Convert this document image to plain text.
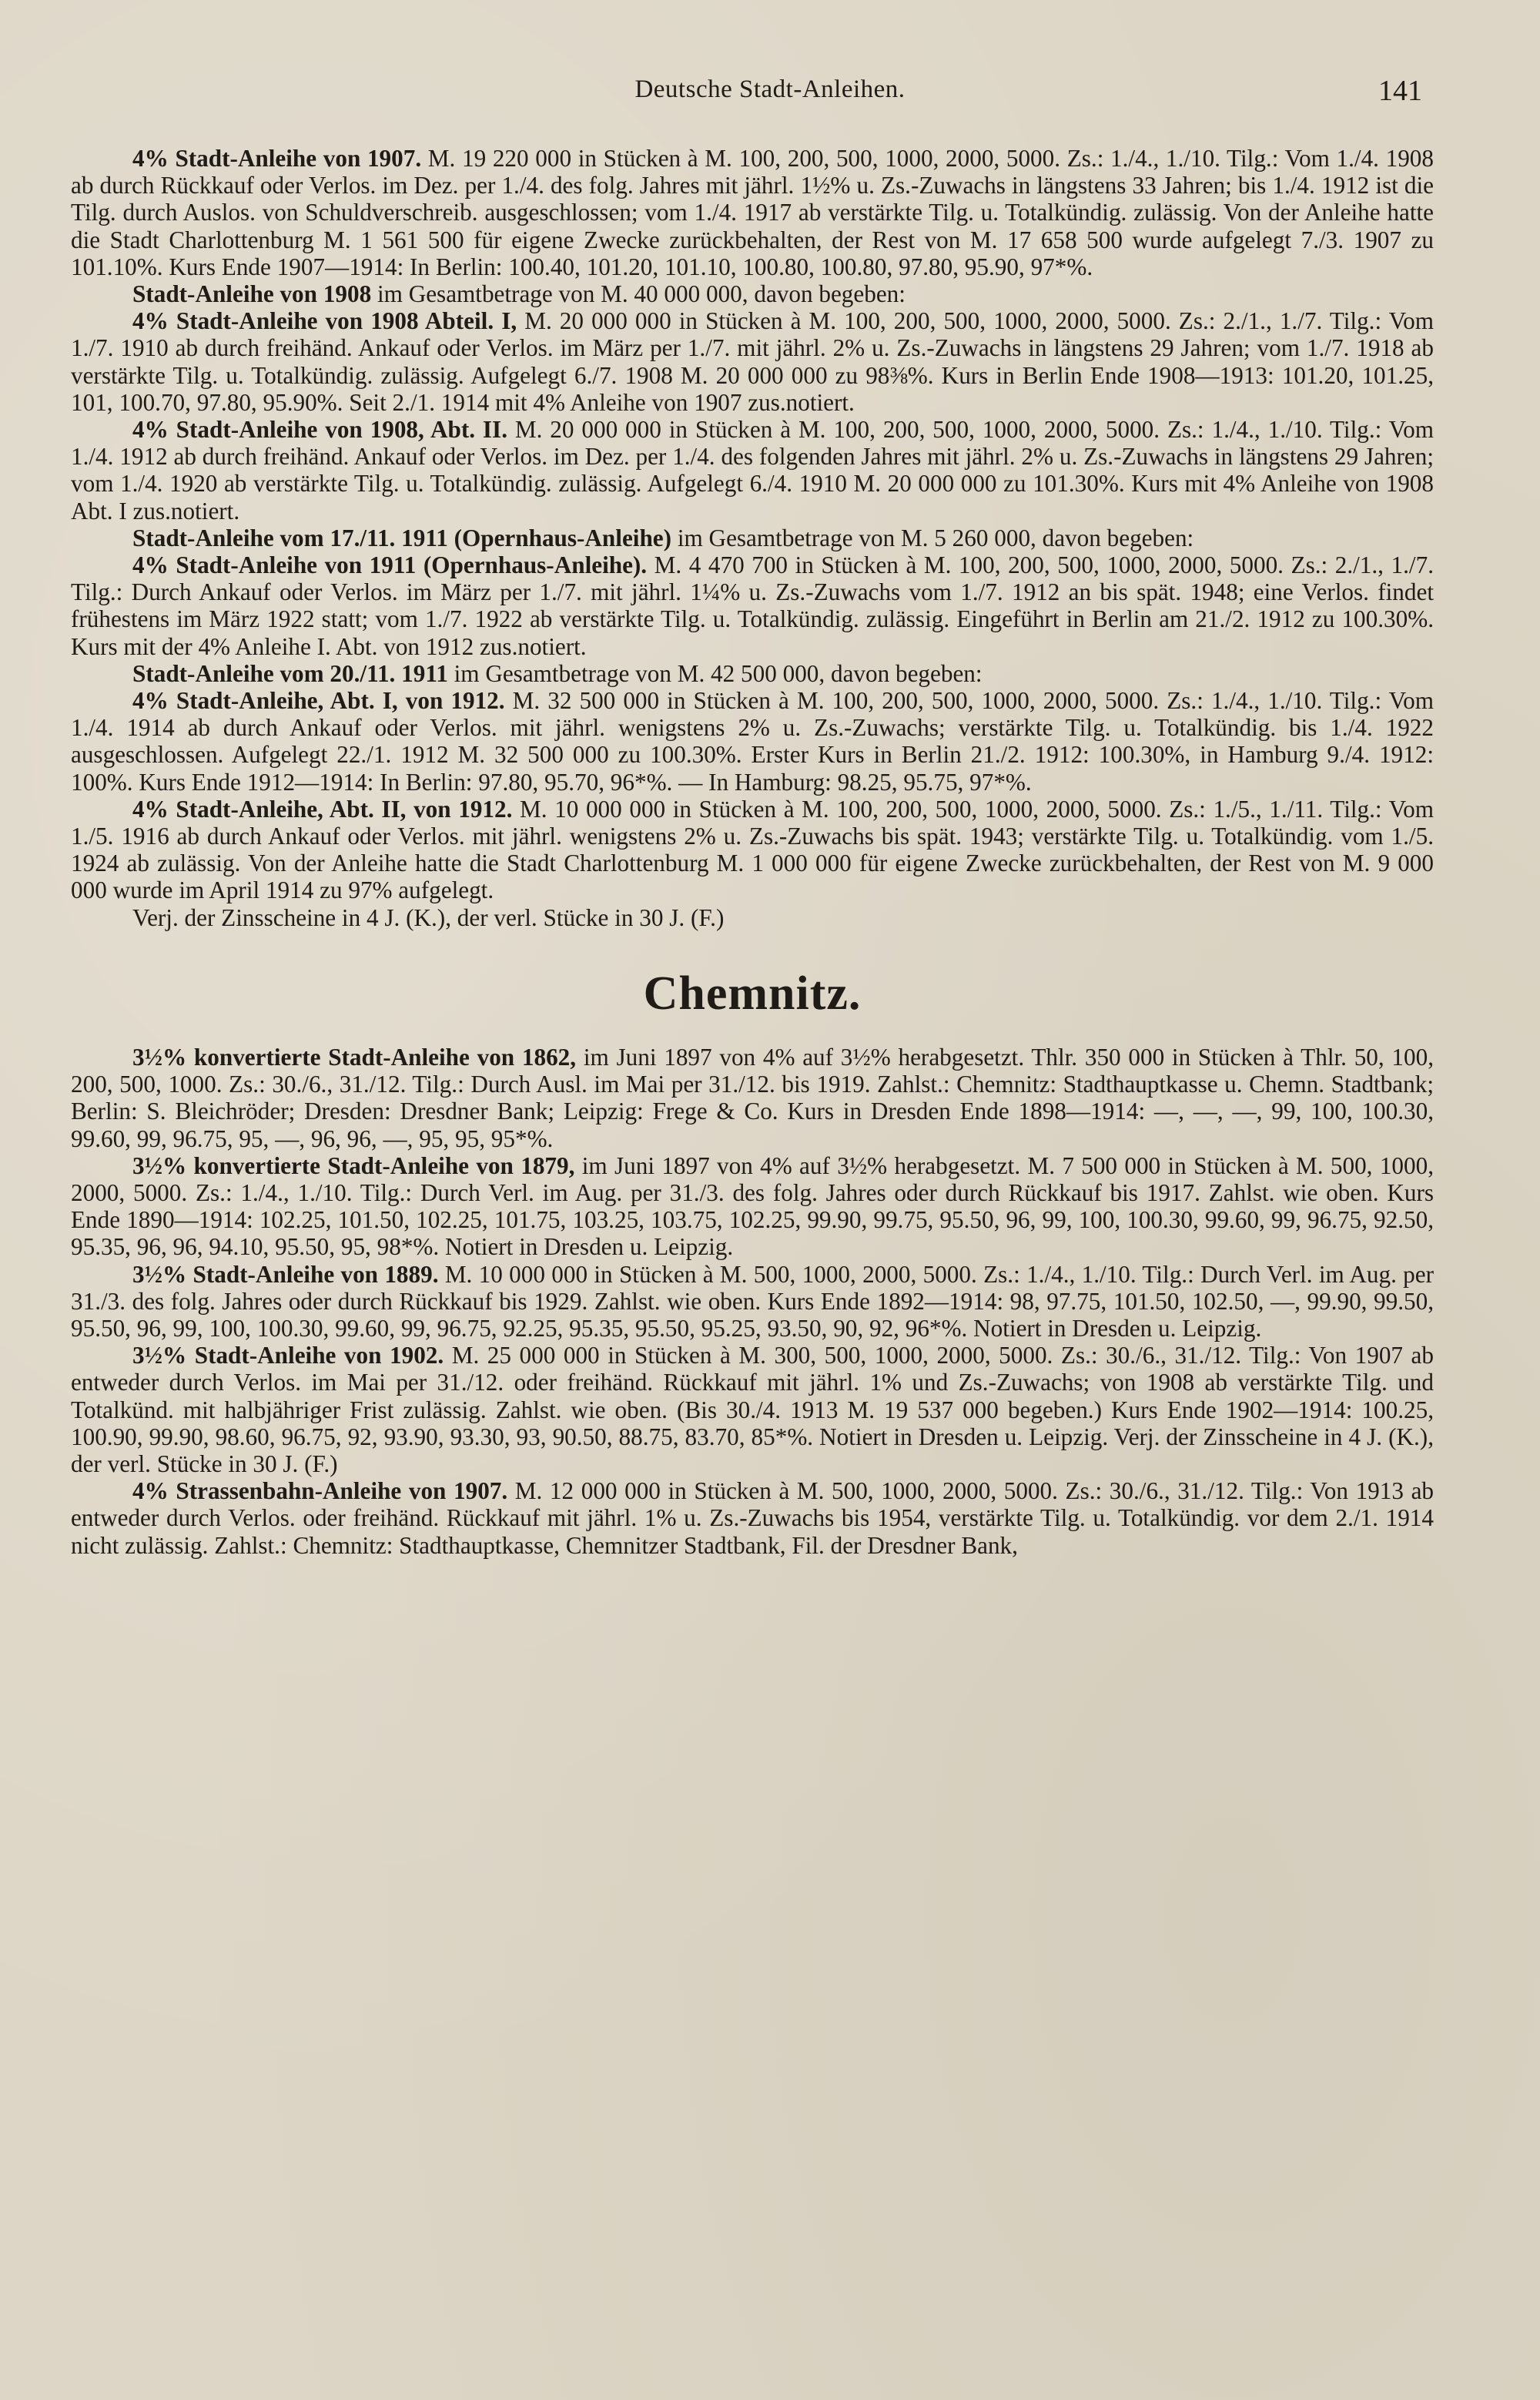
Deutsche Stadt-Anleihen.	141

4% Stadt-Anleihe von 1907. M. 19 220 000 in Stücken à M. 100, 200, 500, 1000, 2000, 5000. Zs.: 1./4., 1./10. Tilg.: Vom 1./4. 1908 ab durch Rückkauf oder Verlos. im Dez. per 1./4. des folg. Jahres mit jährl. 1½% u. Zs.-Zuwachs in längstens 33 Jahren; bis 1./4. 1912 ist die Tilg. durch Auslos. von Schuldverschreib. ausgeschlossen; vom 1./4. 1917 ab verstärkte Tilg. u. Totalkündig. zulässig. Von der Anleihe hatte die Stadt Charlottenburg M. 1 561 500 für eigene Zwecke zurückbehalten, der Rest von M. 17 658 500 wurde aufgelegt 7./3. 1907 zu 101.10%. Kurs Ende 1907—1914: In Berlin: 100.40, 101.20, 101.10, 100.80, 100.80, 97.80, 95.90, 97*%.

Stadt-Anleihe von 1908 im Gesamtbetrage von M. 40 000 000, davon begeben:

4% Stadt-Anleihe von 1908 Abteil. I, M. 20 000 000 in Stücken à M. 100, 200, 500, 1000, 2000, 5000. Zs.: 2./1., 1./7. Tilg.: Vom 1./7. 1910 ab durch freihänd. Ankauf oder Verlos. im März per 1./7. mit jährl. 2% u. Zs.-Zuwachs in längstens 29 Jahren; vom 1./7. 1918 ab verstärkte Tilg. u. Totalkündig. zulässig. Aufgelegt 6./7. 1908 M. 20 000 000 zu 98⅜%. Kurs in Berlin Ende 1908—1913: 101.20, 101.25, 101, 100.70, 97.80, 95.90%. Seit 2./1. 1914 mit 4% Anleihe von 1907 zus.notiert.

4% Stadt-Anleihe von 1908, Abt. II. M. 20 000 000 in Stücken à M. 100, 200, 500, 1000, 2000, 5000. Zs.: 1./4., 1./10. Tilg.: Vom 1./4. 1912 ab durch freihänd. Ankauf oder Verlos. im Dez. per 1./4. des folgenden Jahres mit jährl. 2% u. Zs.-Zuwachs in längstens 29 Jahren; vom 1./4. 1920 ab verstärkte Tilg. u. Totalkündig. zulässig. Aufgelegt 6./4. 1910 M. 20 000 000 zu 101.30%. Kurs mit 4% Anleihe von 1908 Abt. I zus.notiert.

Stadt-Anleihe vom 17./11. 1911 (Opernhaus-Anleihe) im Gesamtbetrage von M. 5 260 000, davon begeben:

4% Stadt-Anleihe von 1911 (Opernhaus-Anleihe). M. 4 470 700 in Stücken à M. 100, 200, 500, 1000, 2000, 5000. Zs.: 2./1., 1./7. Tilg.: Durch Ankauf oder Verlos. im März per 1./7. mit jährl. 1¼% u. Zs.-Zuwachs vom 1./7. 1912 an bis spät. 1948; eine Verlos. findet frühestens im März 1922 statt; vom 1./7. 1922 ab verstärkte Tilg. u. Totalkündig. zulässig. Eingeführt in Berlin am 21./2. 1912 zu 100.30%. Kurs mit der 4% Anleihe I. Abt. von 1912 zus.notiert.

Stadt-Anleihe vom 20./11. 1911 im Gesamtbetrage von M. 42 500 000, davon begeben:

4% Stadt-Anleihe, Abt. I, von 1912. M. 32 500 000 in Stücken à M. 100, 200, 500, 1000, 2000, 5000. Zs.: 1./4., 1./10. Tilg.: Vom 1./4. 1914 ab durch Ankauf oder Verlos. mit jährl. wenigstens 2% u. Zs.-Zuwachs; verstärkte Tilg. u. Totalkündig. bis 1./4. 1922 ausgeschlossen. Aufgelegt 22./1. 1912 M. 32 500 000 zu 100.30%. Erster Kurs in Berlin 21./2. 1912: 100.30%, in Hamburg 9./4. 1912: 100%. Kurs Ende 1912—1914: In Berlin: 97.80, 95.70, 96*%. — In Hamburg: 98.25, 95.75, 97*%.

4% Stadt-Anleihe, Abt. II, von 1912. M. 10 000 000 in Stücken à M. 100, 200, 500, 1000, 2000, 5000. Zs.: 1./5., 1./11. Tilg.: Vom 1./5. 1916 ab durch Ankauf oder Verlos. mit jährl. wenigstens 2% u. Zs.-Zuwachs bis spät. 1943; verstärkte Tilg. u. Totalkündig. vom 1./5. 1924 ab zulässig. Von der Anleihe hatte die Stadt Charlottenburg M. 1 000 000 für eigene Zwecke zurückbehalten, der Rest von M. 9 000 000 wurde im April 1914 zu 97% aufgelegt.

Verj. der Zinsscheine in 4 J. (K.), der verl. Stücke in 30 J. (F.)

Chemnitz.

3½% konvertierte Stadt-Anleihe von 1862, im Juni 1897 von 4% auf 3½% herabgesetzt. Thlr. 350 000 in Stücken à Thlr. 50, 100, 200, 500, 1000. Zs.: 30./6., 31./12. Tilg.: Durch Ausl. im Mai per 31./12. bis 1919. Zahlst.: Chemnitz: Stadthauptkasse u. Chemn. Stadtbank; Berlin: S. Bleichröder; Dresden: Dresdner Bank; Leipzig: Frege & Co. Kurs in Dresden Ende 1898—1914: —, —, —, 99, 100, 100.30, 99.60, 99, 96.75, 95, —, 96, 96, —, 95, 95, 95*%.

3½% konvertierte Stadt-Anleihe von 1879, im Juni 1897 von 4% auf 3½% herabgesetzt. M. 7 500 000 in Stücken à M. 500, 1000, 2000, 5000. Zs.: 1./4., 1./10. Tilg.: Durch Verl. im Aug. per 31./3. des folg. Jahres oder durch Rückkauf bis 1917. Zahlst. wie oben. Kurs Ende 1890—1914: 102.25, 101.50, 102.25, 101.75, 103.25, 103.75, 102.25, 99.90, 99.75, 95.50, 96, 99, 100, 100.30, 99.60, 99, 96.75, 92.50, 95.35, 96, 96, 94.10, 95.50, 95, 98*%. Notiert in Dresden u. Leipzig.

3½% Stadt-Anleihe von 1889. M. 10 000 000 in Stücken à M. 500, 1000, 2000, 5000. Zs.: 1./4., 1./10. Tilg.: Durch Verl. im Aug. per 31./3. des folg. Jahres oder durch Rückkauf bis 1929. Zahlst. wie oben. Kurs Ende 1892—1914: 98, 97.75, 101.50, 102.50, —, 99.90, 99.50, 95.50, 96, 99, 100, 100.30, 99.60, 99, 96.75, 92.25, 95.35, 95.50, 95.25, 93.50, 90, 92, 96*%. Notiert in Dresden u. Leipzig.

3½% Stadt-Anleihe von 1902. M. 25 000 000 in Stücken à M. 300, 500, 1000, 2000, 5000. Zs.: 30./6., 31./12. Tilg.: Von 1907 ab entweder durch Verlos. im Mai per 31./12. oder freihänd. Rückkauf mit jährl. 1% und Zs.-Zuwachs; von 1908 ab verstärkte Tilg. und Totalkünd. mit halbjähriger Frist zulässig. Zahlst. wie oben. (Bis 30./4. 1913 M. 19 537 000 begeben.) Kurs Ende 1902—1914: 100.25, 100.90, 99.90, 98.60, 96.75, 92, 93.90, 93.30, 93, 90.50, 88.75, 83.70, 85*%. Notiert in Dresden u. Leipzig. Verj. der Zinsscheine in 4 J. (K.), der verl. Stücke in 30 J. (F.)

4% Strassenbahn-Anleihe von 1907. M. 12 000 000 in Stücken à M. 500, 1000, 2000, 5000. Zs.: 30./6., 31./12. Tilg.: Von 1913 ab entweder durch Verlos. oder freihänd. Rückkauf mit jährl. 1% u. Zs.-Zuwachs bis 1954, verstärkte Tilg. u. Totalkündig. vor dem 2./1. 1914 nicht zulässig. Zahlst.: Chemnitz: Stadthauptkasse, Chemnitzer Stadtbank, Fil. der Dresdner Bank,
